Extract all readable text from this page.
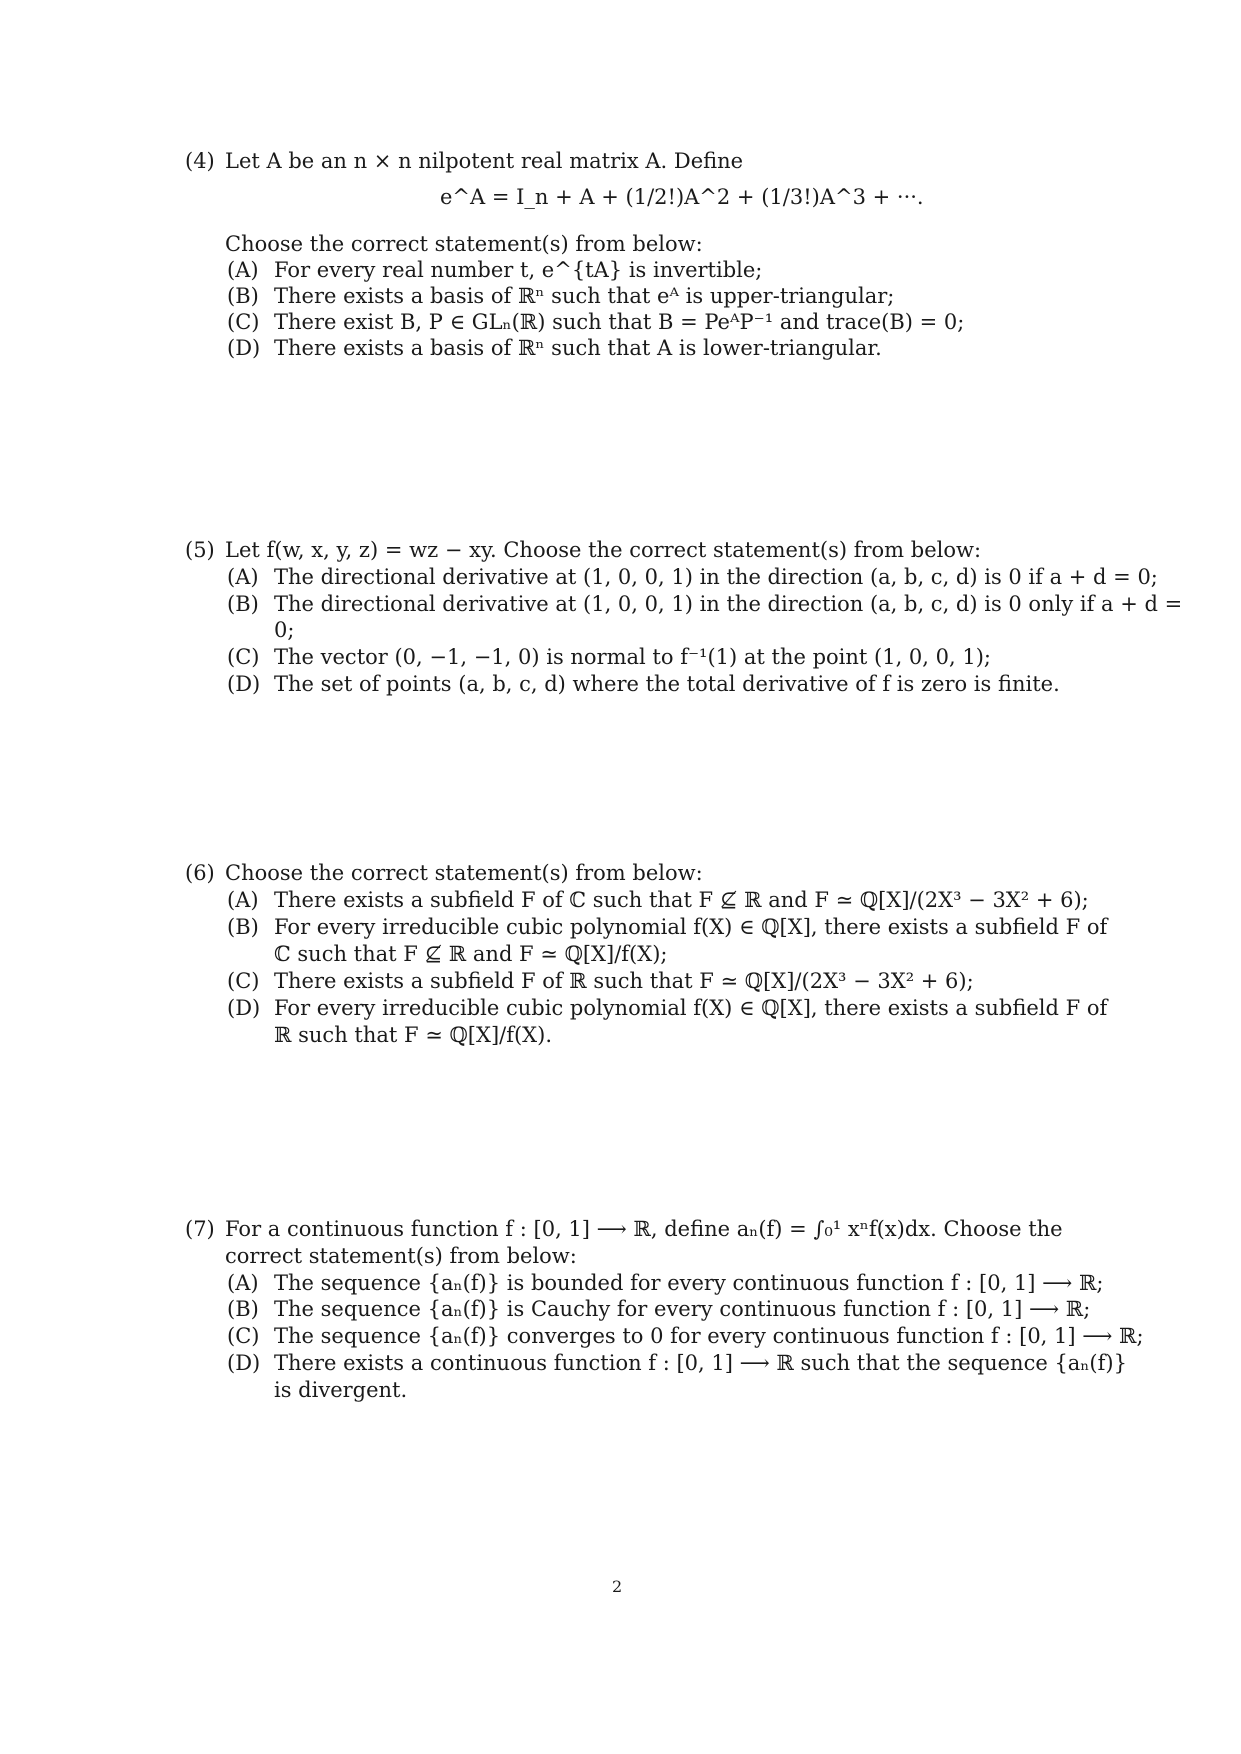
(4) Let A be an n × n nilpotent real matrix A. Define
e^A = I_n + A + (1/2!)A^2 + (1/3!)A^3 + ···.
Choose the correct statement(s) from below:
(A) For every real number t, e^{tA} is invertible;
(B) There exists a basis of ℝⁿ such that eᴬ is upper-triangular;
(C) There exist B, P ∈ GLₙ(ℝ) such that B = PeᴬP⁻¹ and trace(B) = 0;
(D) There exists a basis of ℝⁿ such that A is lower-triangular.
(5) Let f(w, x, y, z) = wz − xy. Choose the correct statement(s) from below:
(A) The directional derivative at (1, 0, 0, 1) in the direction (a, b, c, d) is 0 if a + d = 0;
(B) The directional derivative at (1, 0, 0, 1) in the direction (a, b, c, d) is 0 only if a + d =
0;
(C) The vector (0, −1, −1, 0) is normal to f⁻¹(1) at the point (1, 0, 0, 1);
(D) The set of points (a, b, c, d) where the total derivative of f is zero is finite.
(6) Choose the correct statement(s) from below:
(A) There exists a subfield F of ℂ such that F ⊈ ℝ and F ≃ ℚ[X]/(2X³ − 3X² + 6);
(B) For every irreducible cubic polynomial f(X) ∈ ℚ[X], there exists a subfield F of
ℂ such that F ⊈ ℝ and F ≃ ℚ[X]/f(X);
(C) There exists a subfield F of ℝ such that F ≃ ℚ[X]/(2X³ − 3X² + 6);
(D) For every irreducible cubic polynomial f(X) ∈ ℚ[X], there exists a subfield F of
ℝ such that F ≃ ℚ[X]/f(X).
(7) For a continuous function f : [0, 1] ⟶ ℝ, define aₙ(f) = ∫₀¹ xⁿf(x)dx. Choose the
correct statement(s) from below:
(A) The sequence {aₙ(f)} is bounded for every continuous function f : [0, 1] ⟶ ℝ;
(B) The sequence {aₙ(f)} is Cauchy for every continuous function f : [0, 1] ⟶ ℝ;
(C) The sequence {aₙ(f)} converges to 0 for every continuous function f : [0, 1] ⟶ ℝ;
(D) There exists a continuous function f : [0, 1] ⟶ ℝ such that the sequence {aₙ(f)}
is divergent.
2
